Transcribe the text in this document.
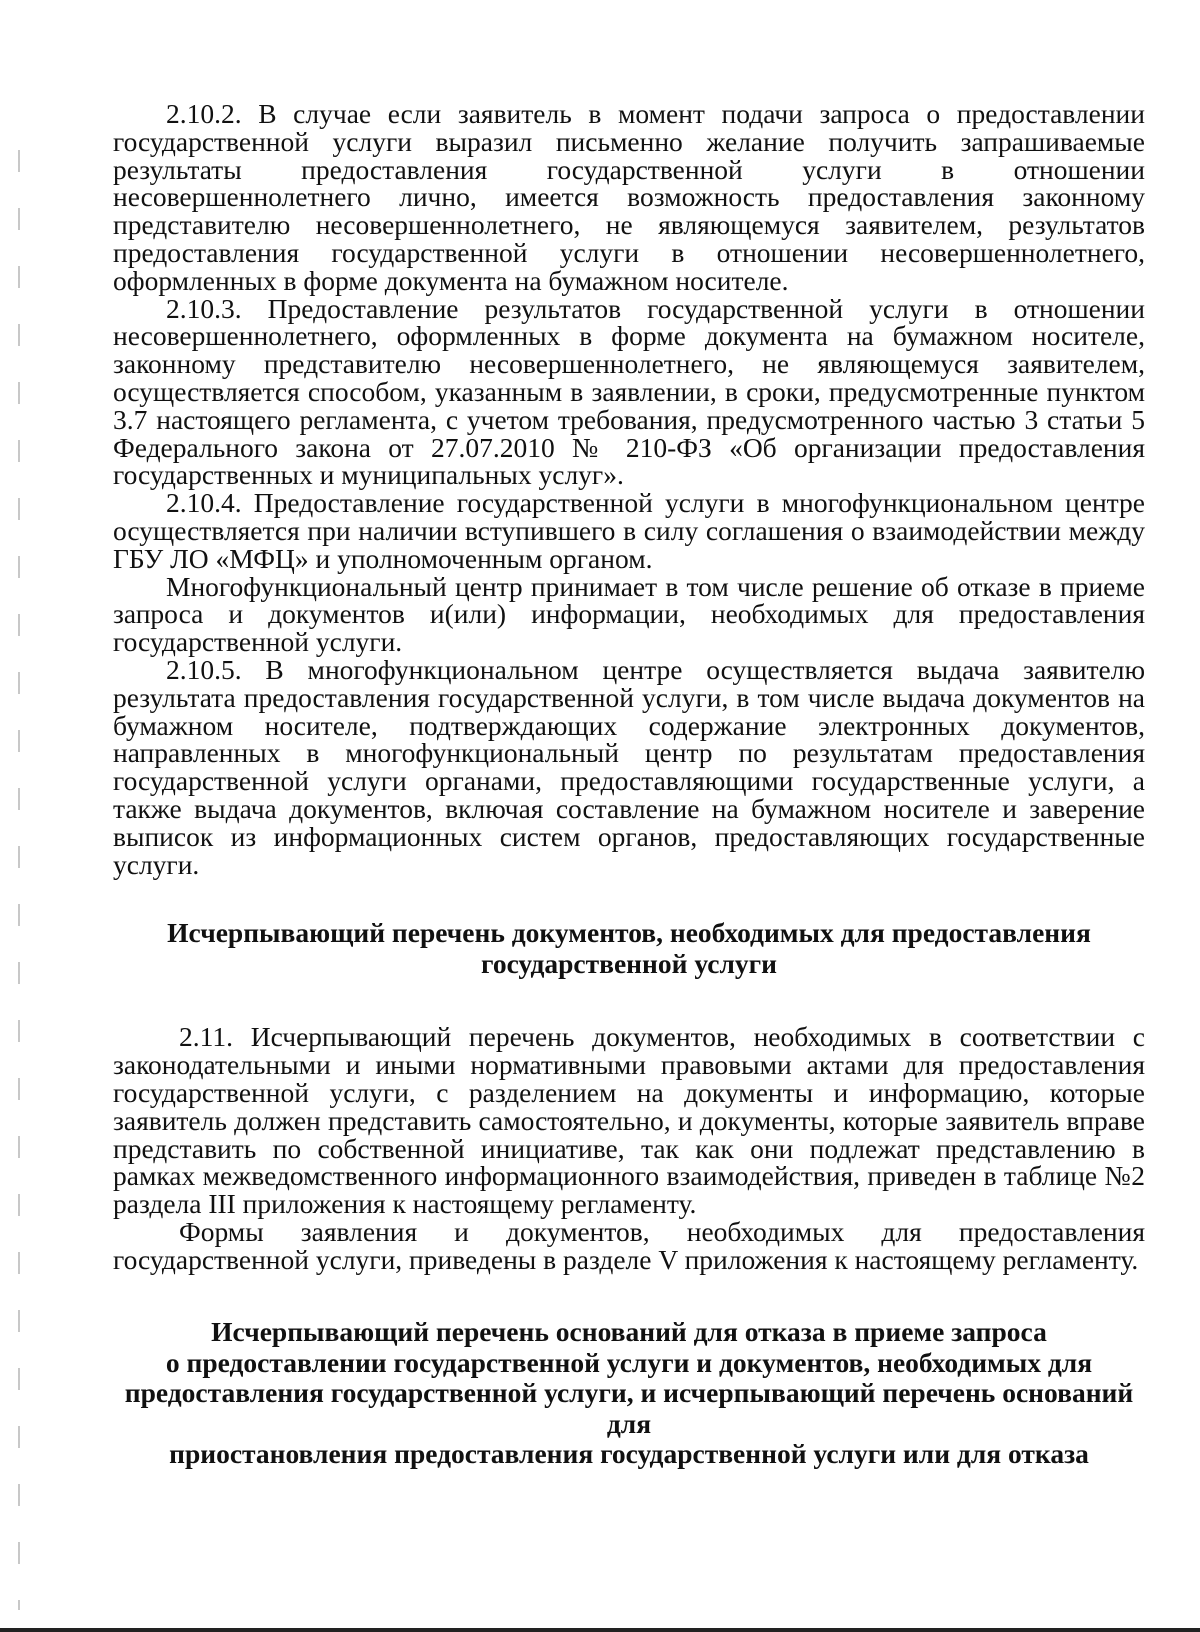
2.10.2. В случае если заявитель в момент подачи запроса о предоставлении государственной услуги выразил письменно желание получить запрашиваемые результаты предоставления государственной услуги в отношении несовершеннолетнего лично, имеется возможность предоставления законному представителю несовершеннолетнего, не являющемуся заявителем, результатов предоставления государственной услуги в отношении несовершеннолетнего, оформленных в форме документа на бумажном носителе.

2.10.3. Предоставление результатов государственной услуги в отношении несовершеннолетнего, оформленных в форме документа на бумажном носителе, законному представителю несовершеннолетнего, не являющемуся заявителем, осуществляется способом, указанным в заявлении, в сроки, предусмотренные пунктом 3.7 настоящего регламента, с учетом требования, предусмотренного частью 3 статьи 5 Федерального закона от 27.07.2010 № 210-ФЗ «Об организации предоставления государственных и муниципальных услуг».

2.10.4. Предоставление государственной услуги в многофункциональном центре осуществляется при наличии вступившего в силу соглашения о взаимодействии между ГБУ ЛО «МФЦ» и уполномоченным органом.

Многофункциональный центр принимает в том числе решение об отказе в приеме запроса и документов и(или) информации, необходимых для предоставления государственной услуги.

2.10.5. В многофункциональном центре осуществляется выдача заявителю результата предоставления государственной услуги, в том числе выдача документов на бумажном носителе, подтверждающих содержание электронных документов, направленных в многофункциональный центр по результатам предоставления государственной услуги органами, предоставляющими государственные услуги, а также выдача документов, включая составление на бумажном носителе и заверение выписок из информационных систем органов, предоставляющих государственные услуги.

Исчерпывающий перечень документов, необходимых для предоставления
государственной услуги

2.11. Исчерпывающий перечень документов, необходимых в соответствии с законодательными и иными нормативными правовыми актами для предоставления государственной услуги, с разделением на документы и информацию, которые заявитель должен представить самостоятельно, и документы, которые заявитель вправе представить по собственной инициативе, так как они подлежат представлению в рамках межведомственного информационного взаимодействия, приведен в таблице №2 раздела III приложения к настоящему регламенту.

Формы заявления и документов, необходимых для предоставления государственной услуги, приведены в разделе V приложения к настоящему регламенту.

Исчерпывающий перечень оснований для отказа в приеме запроса
о предоставлении государственной услуги и документов, необходимых для
предоставления государственной услуги, и исчерпывающий перечень оснований для
приостановления предоставления государственной услуги или для отказа
